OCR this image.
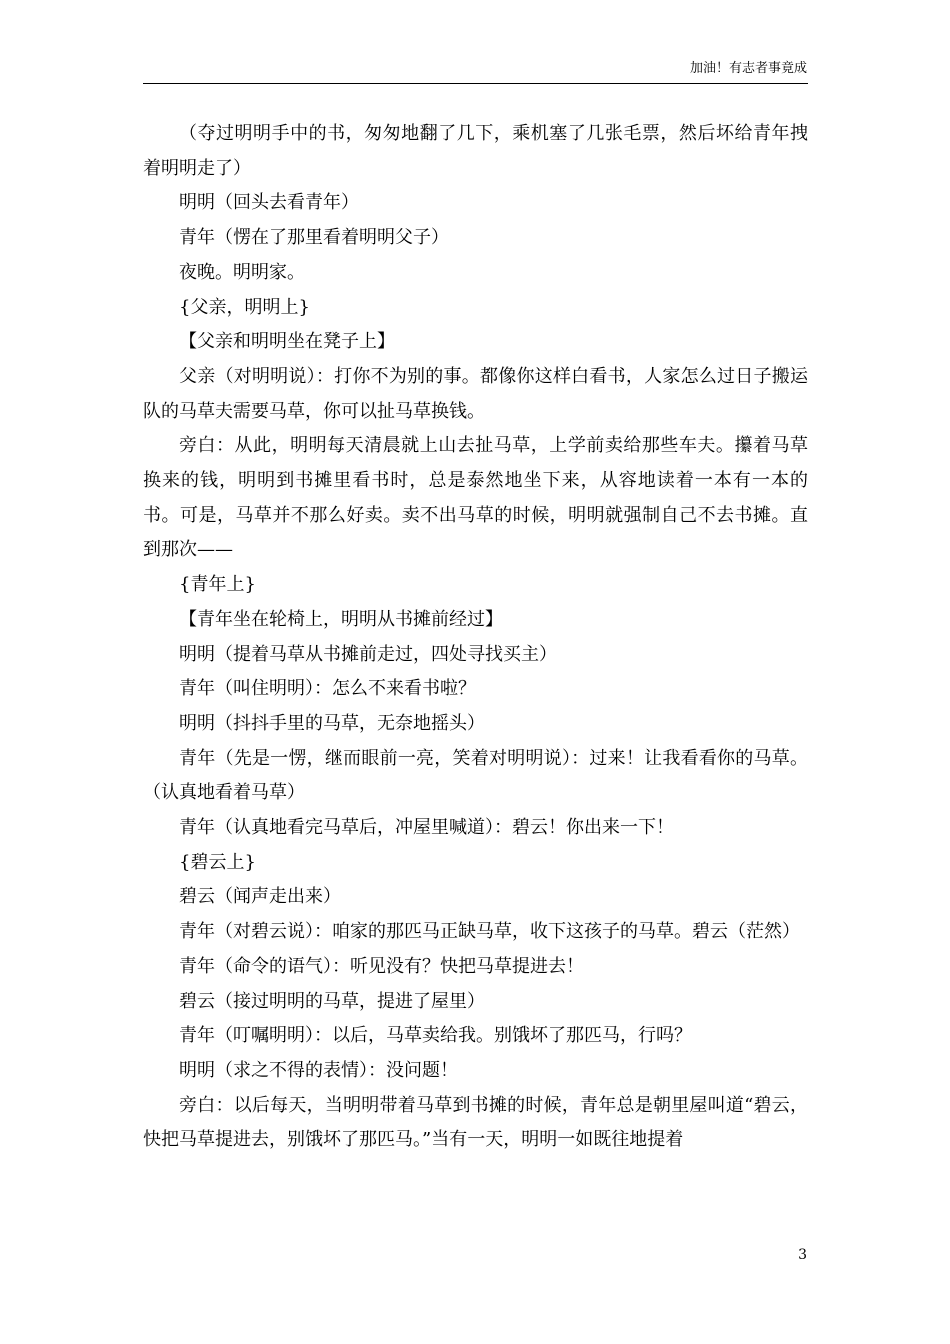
加油！有志者事竟成

（夺过明明手中的书，匆匆地翻了几下，乘机塞了几张毛票，然后坏给青年拽着明明走了）

明明（回头去看青年）

青年（愣在了那里看着明明父子）

夜晚。明明家。

{父亲，明明上}

【父亲和明明坐在凳子上】

父亲（对明明说）：打你不为别的事。都像你这样白看书，人家怎么过日子搬运队的马草夫需要马草，你可以扯马草换钱。

旁白：从此，明明每天清晨就上山去扯马草，上学前卖给那些车夫。攥着马草换来的钱，明明到书摊里看书时，总是泰然地坐下来，从容地读着一本有一本的书。可是，马草并不那么好卖。卖不出马草的时候，明明就强制自己不去书摊。直到那次——

{青年上}

【青年坐在轮椅上，明明从书摊前经过】

明明（提着马草从书摊前走过，四处寻找买主）

青年（叫住明明）：怎么不来看书啦？

明明（抖抖手里的马草，无奈地摇头）

青年（先是一愣，继而眼前一亮，笑着对明明说）：过来！让我看看你的马草。（认真地看着马草）

青年（认真地看完马草后，冲屋里喊道）：碧云！你出来一下！

{碧云上}

碧云（闻声走出来）

青年（对碧云说）：咱家的那匹马正缺马草，收下这孩子的马草。碧云（茫然）

青年（命令的语气）：听见没有？快把马草提进去！

碧云（接过明明的马草，提进了屋里）

青年（叮嘱明明）：以后，马草卖给我。别饿坏了那匹马，行吗？

明明（求之不得的表情）：没问题！

旁白：以后每天，当明明带着马草到书摊的时候，青年总是朝里屋叫道“碧云，快把马草提进去，别饿坏了那匹马。”当有一天，明明一如既往地提着

3
